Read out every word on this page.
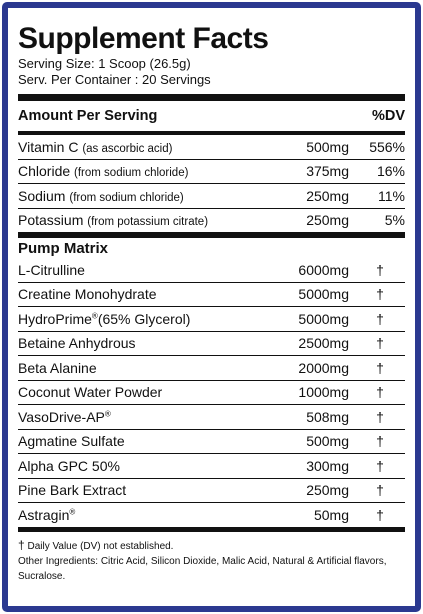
Supplement Facts
Serving Size: 1 Scoop (26.5g)
Serv. Per Container : 20 Servings
Amount Per Serving	%DV
Vitamin C (as ascorbic acid)	500mg	556%
Chloride (from sodium chloride)	375mg	16%
Sodium (from sodium chloride)	250mg	11%
Potassium (from potassium citrate)	250mg	5%
Pump Matrix
L-Citrulline	6000mg	†
Creatine Monohydrate	5000mg	†
HydroPrime®(65% Glycerol)	5000mg	†
Betaine Anhydrous	2500mg	†
Beta Alanine	2000mg	†
Coconut Water Powder	1000mg	†
VasoDrive-AP®	508mg	†
Agmatine Sulfate	500mg	†
Alpha GPC 50%	300mg	†
Pine Bark Extract	250mg	†
Astragin®	50mg	†
† Daily Value (DV) not established.
Other Ingredients: Citric Acid, Silicon Dioxide, Malic Acid, Natural & Artificial flavors, Sucralose.
